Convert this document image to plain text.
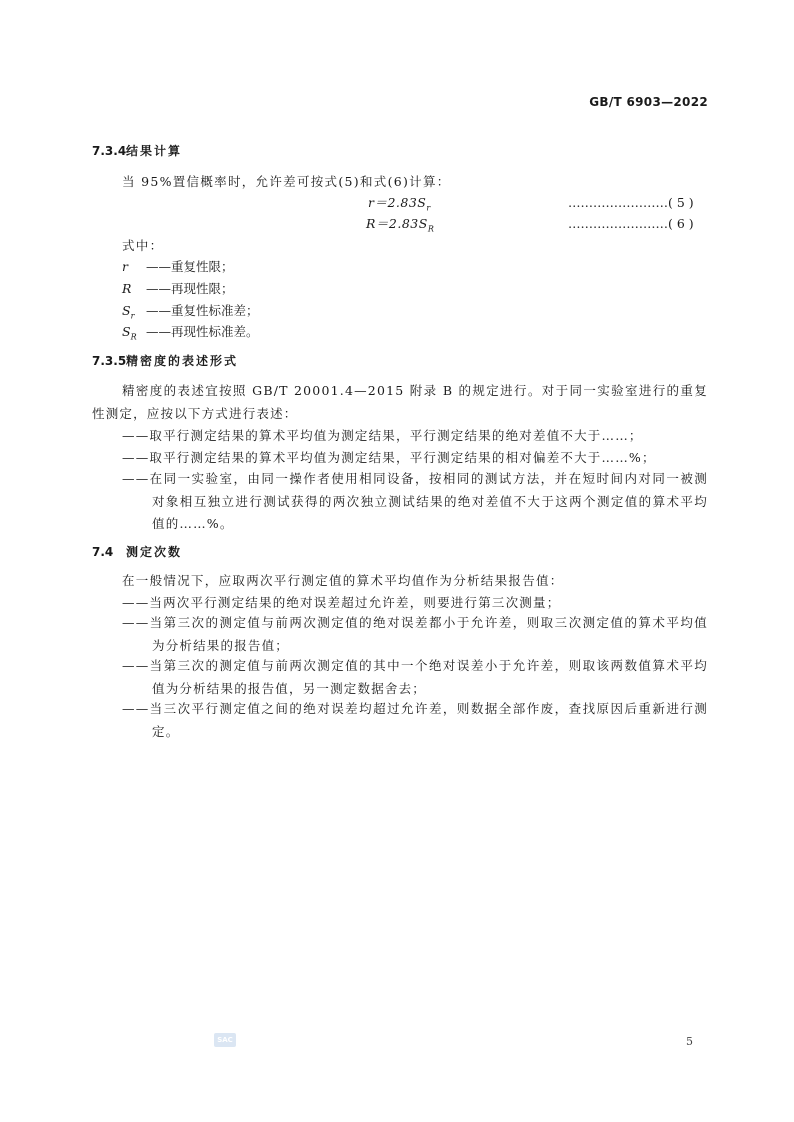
GB/T 6903—2022
7.3.4结果计算
当 95%置信概率时，允许差可按式(5)和式(6)计算：
$r=2.83S_r$	……………………( 5 )
$R=2.83S_R$	……………………( 6 )
式中：
r ——重复性限；
R ——再现性限；
$S_r$ ——重复性标准差；
$S_R$ ——再现性标准差。
7.3.5精密度的表述形式
精密度的表述宜按照 GB/T 20001.4—2015 附录 B 的规定进行。对于同一实验室进行的重复性测定，应按以下方式进行表述：
——取平行测定结果的算术平均值为测定结果，平行测定结果的绝对差值不大于……；
——取平行测定结果的算术平均值为测定结果，平行测定结果的相对偏差不大于……%；
——在同一实验室，由同一操作者使用相同设备，按相同的测试方法，并在短时间内对同一被测对象相互独立进行测试获得的两次独立测试结果的绝对差值不大于这两个测定值的算术平均值的……%。
7.4 测定次数
在一般情况下，应取两次平行测定值的算术平均值作为分析结果报告值：
——当两次平行测定结果的绝对误差超过允许差，则要进行第三次测量；
——当第三次的测定值与前两次测定值的绝对误差都小于允许差，则取三次测定值的算术平均值为分析结果的报告值；
——当第三次的测定值与前两次测定值的其中一个绝对误差小于允许差，则取该两数值算术平均值为分析结果的报告值，另一测定数据舍去；
——当三次平行测定值之间的绝对误差均超过允许差，则数据全部作废，查找原因后重新进行测定。
SAC	5
